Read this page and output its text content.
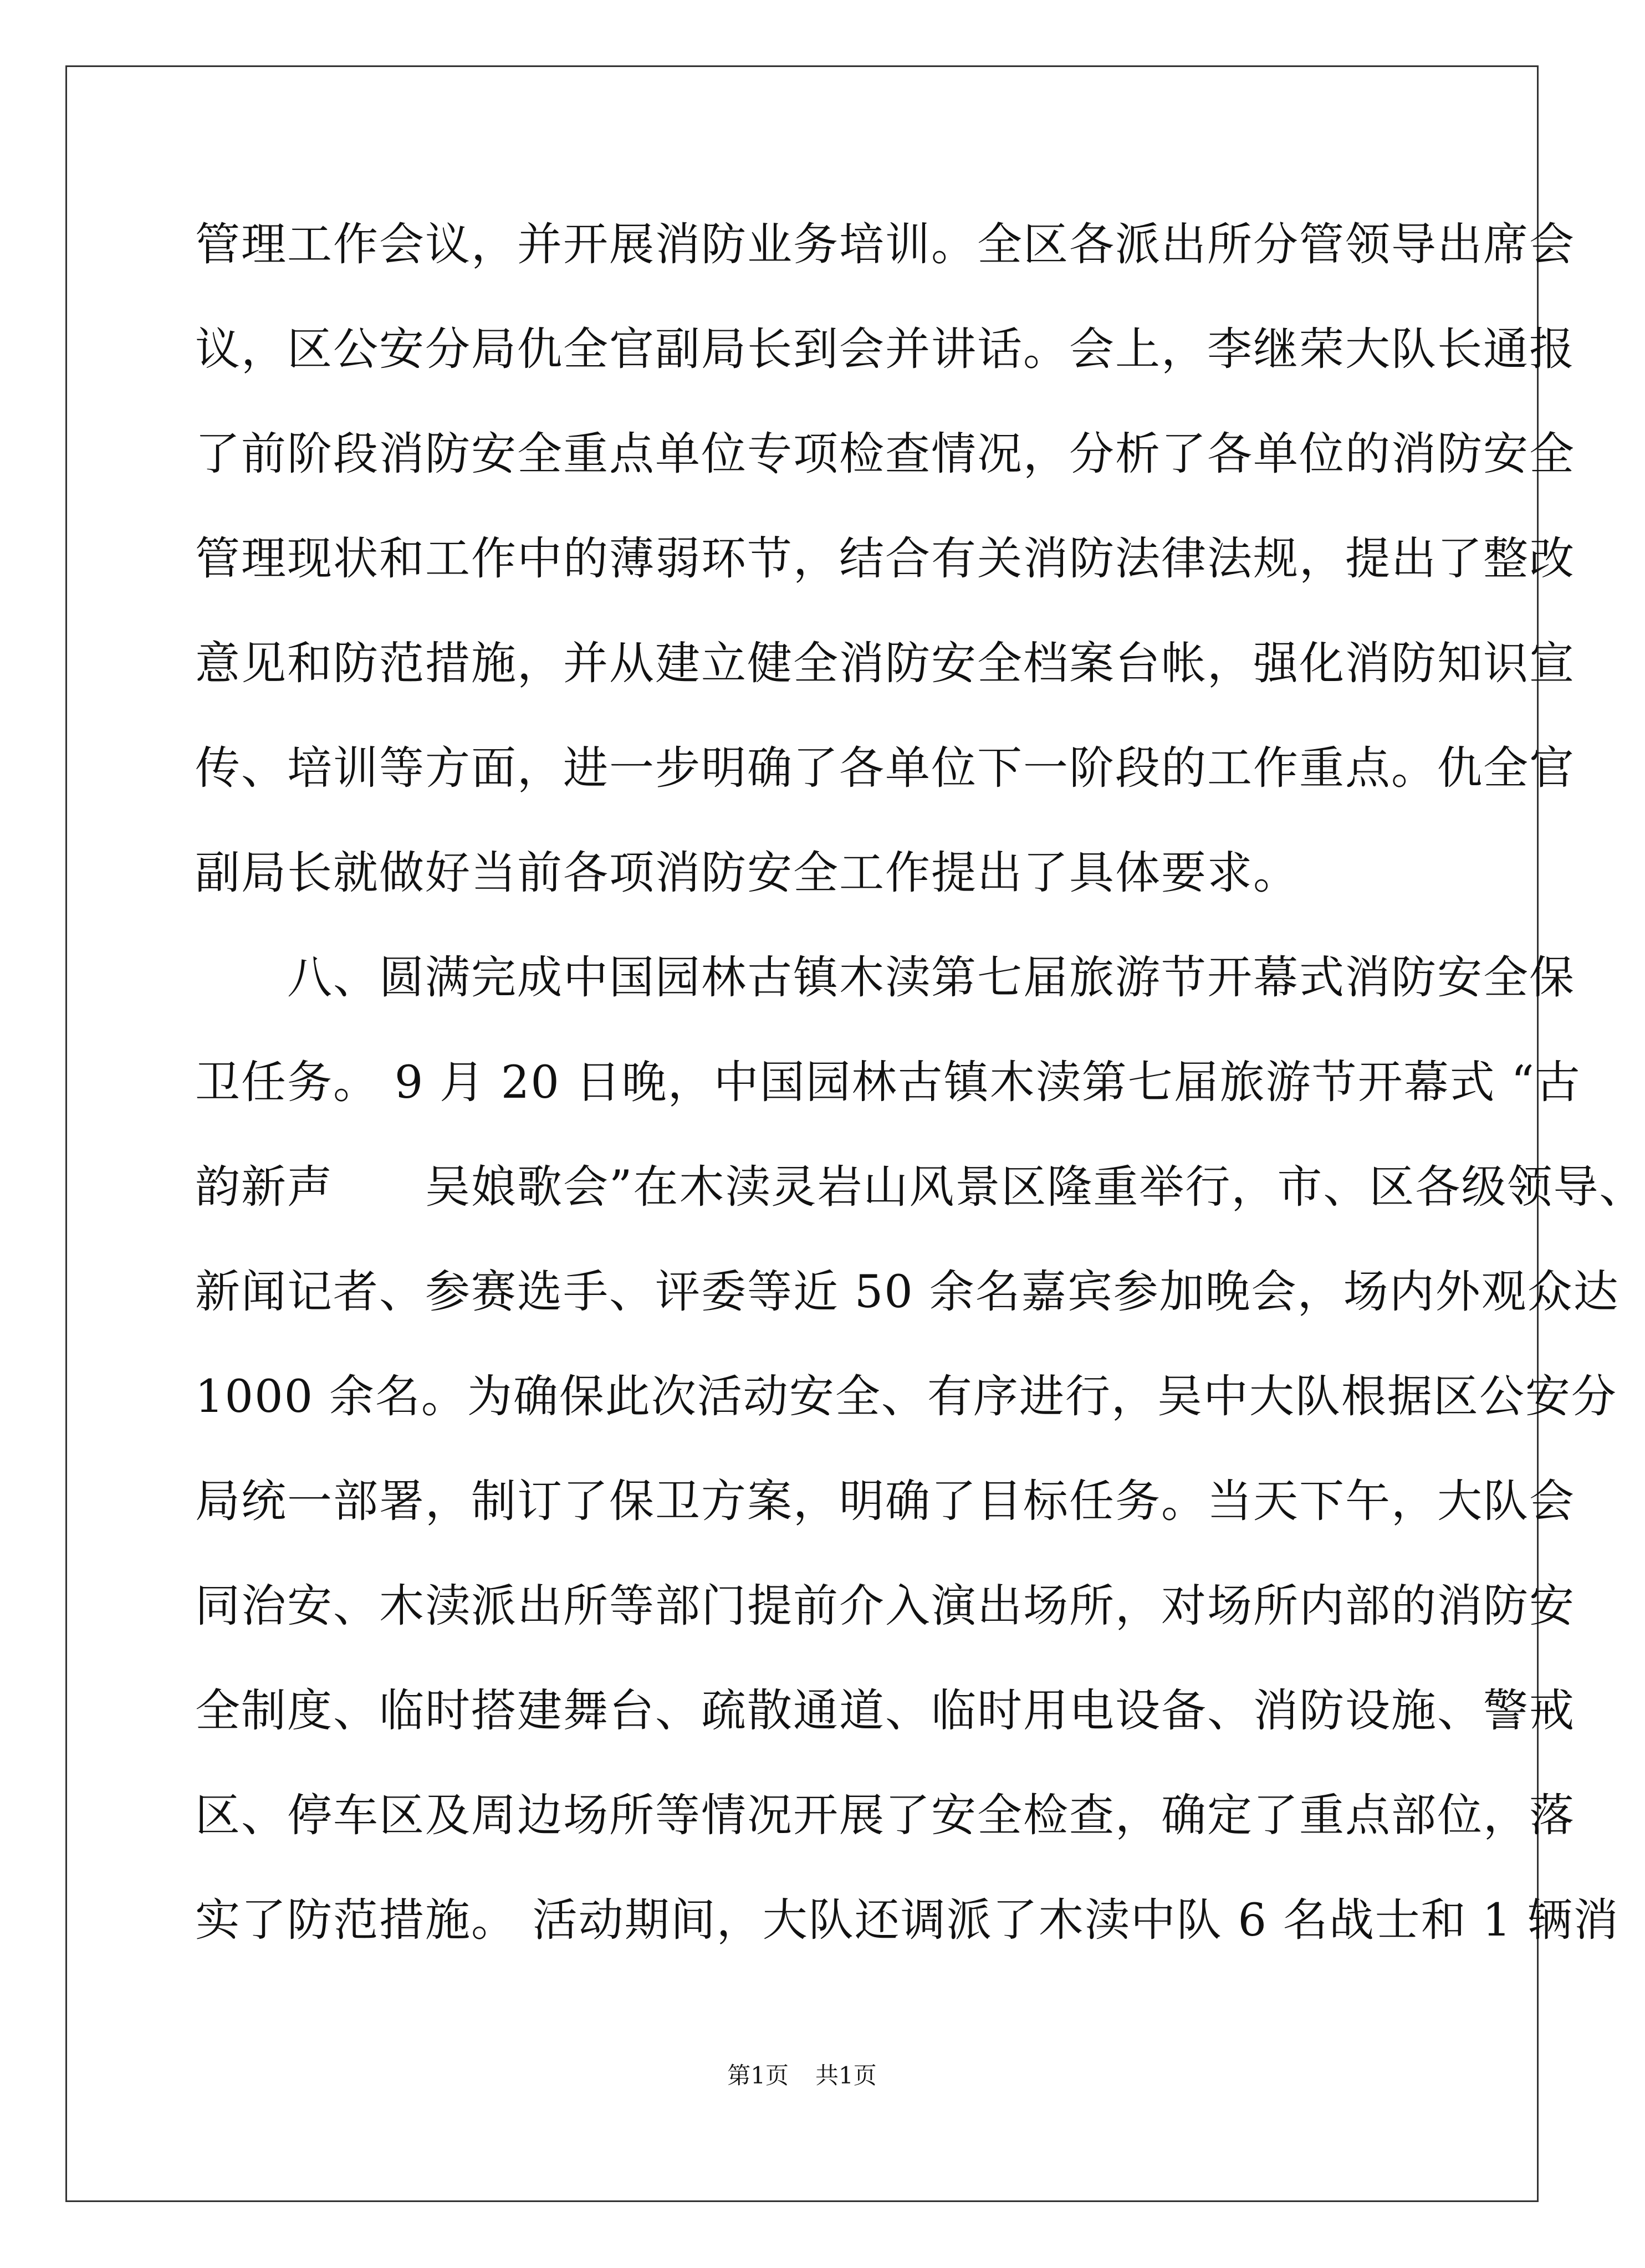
管理工作会议，并开展消防业务培训。全区各派出所分管领导出席会
议，区公安分局仇全官副局长到会并讲话。会上，李继荣大队长通报
了前阶段消防安全重点单位专项检查情况，分析了各单位的消防安全
管理现状和工作中的薄弱环节，结合有关消防法律法规，提出了整改
意见和防范措施，并从建立健全消防安全档案台帐，强化消防知识宣
传、培训等方面，进一步明确了各单位下一阶段的工作重点。仇全官
副局长就做好当前各项消防安全工作提出了具体要求。
　　八、圆满完成中国园林古镇木渎第七届旅游节开幕式消防安全保
卫任务。 9 月 20 日晚，中国园林古镇木渎第七届旅游节开幕式 “古
韵新声　　吴娘歌会”在木渎灵岩山风景区隆重举行，市、区各级领导、
新闻记者、参赛选手、评委等近 50 余名嘉宾参加晚会，场内外观众达
1000 余名。为确保此次活动安全、有序进行，吴中大队根据区公安分
局统一部署，制订了保卫方案，明确了目标任务。当天下午，大队会
同治安、木渎派出所等部门提前介入演出场所，对场所内部的消防安
全制度、临时搭建舞台、疏散通道、临时用电设备、消防设施、警戒
区、停车区及周边场所等情况开展了安全检查，确定了重点部位，落
实了防范措施。 活动期间，大队还调派了木渎中队 6 名战士和 1 辆消
第1页 共1页
